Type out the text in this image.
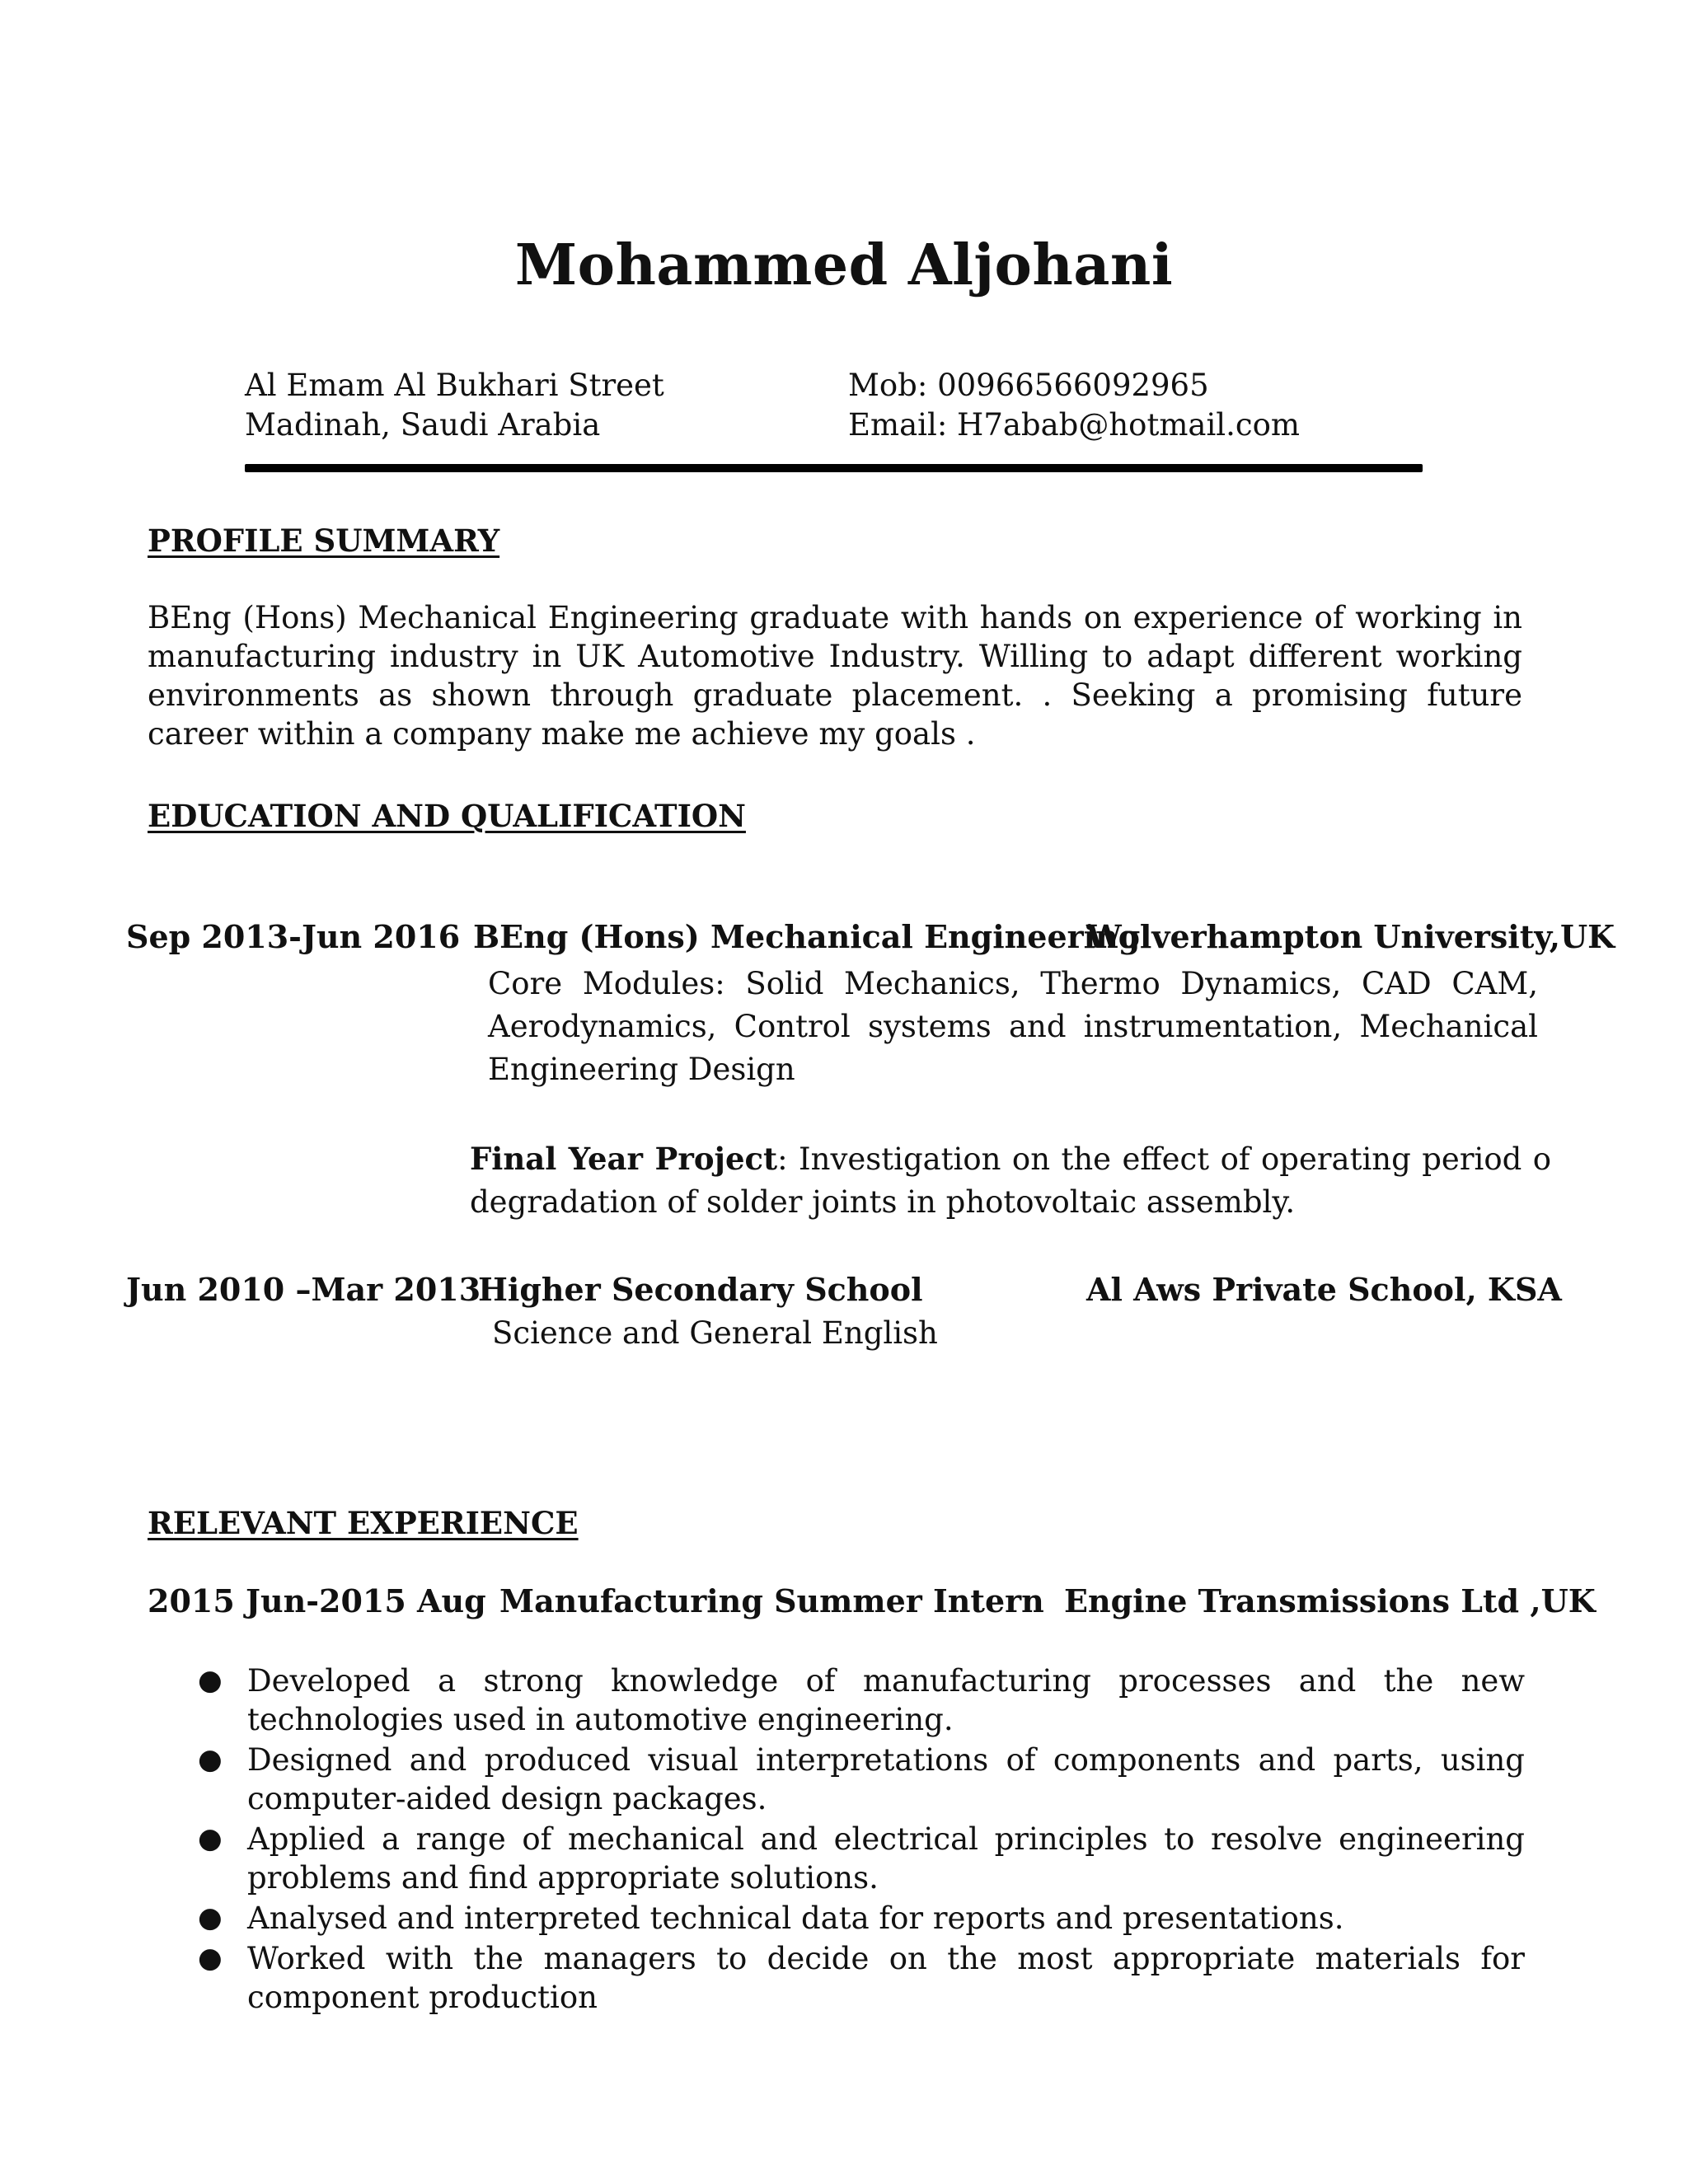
Mohammed Aljohani
Al Emam Al Bukhari Street
Madinah, Saudi Arabia
Mob: 00966566092965
Email: H7abab@hotmail.com
PROFILE SUMMARY
BEng (Hons) Mechanical Engineering graduate with hands on experience of working in manufacturing industry in UK Automotive Industry. Willing to adapt different working environments as shown through graduate placement. . Seeking a promising future career within a company make me achieve my goals .
EDUCATION AND QUALIFICATION
Sep 2013-Jun 2016 BEng (Hons) Mechanical Engineering
Wolverhampton University,UK
Core Modules: Solid Mechanics, Thermo Dynamics, CAD CAM, Aerodynamics, Control systems and instrumentation, Mechanical Engineering Design
Final Year Project: Investigation on the effect of operating period o degradation of solder joints in photovoltaic assembly.
Jun 2010 –Mar 2013
Higher Secondary School	Al Aws Private School, KSA
Science and General English
RELEVANT EXPERIENCE
2015 Jun-2015 Aug Manufacturing Summer Intern Engine Transmissions Ltd ,UK
● Developed a strong knowledge of manufacturing processes and the new technologies used in automotive engineering.
● Designed and produced visual interpretations of components and parts, using computer-aided design packages.
● Applied a range of mechanical and electrical principles to resolve engineering problems and find appropriate solutions.
● Analysed and interpreted technical data for reports and presentations.
● Worked with the managers to decide on the most appropriate materials for component production
